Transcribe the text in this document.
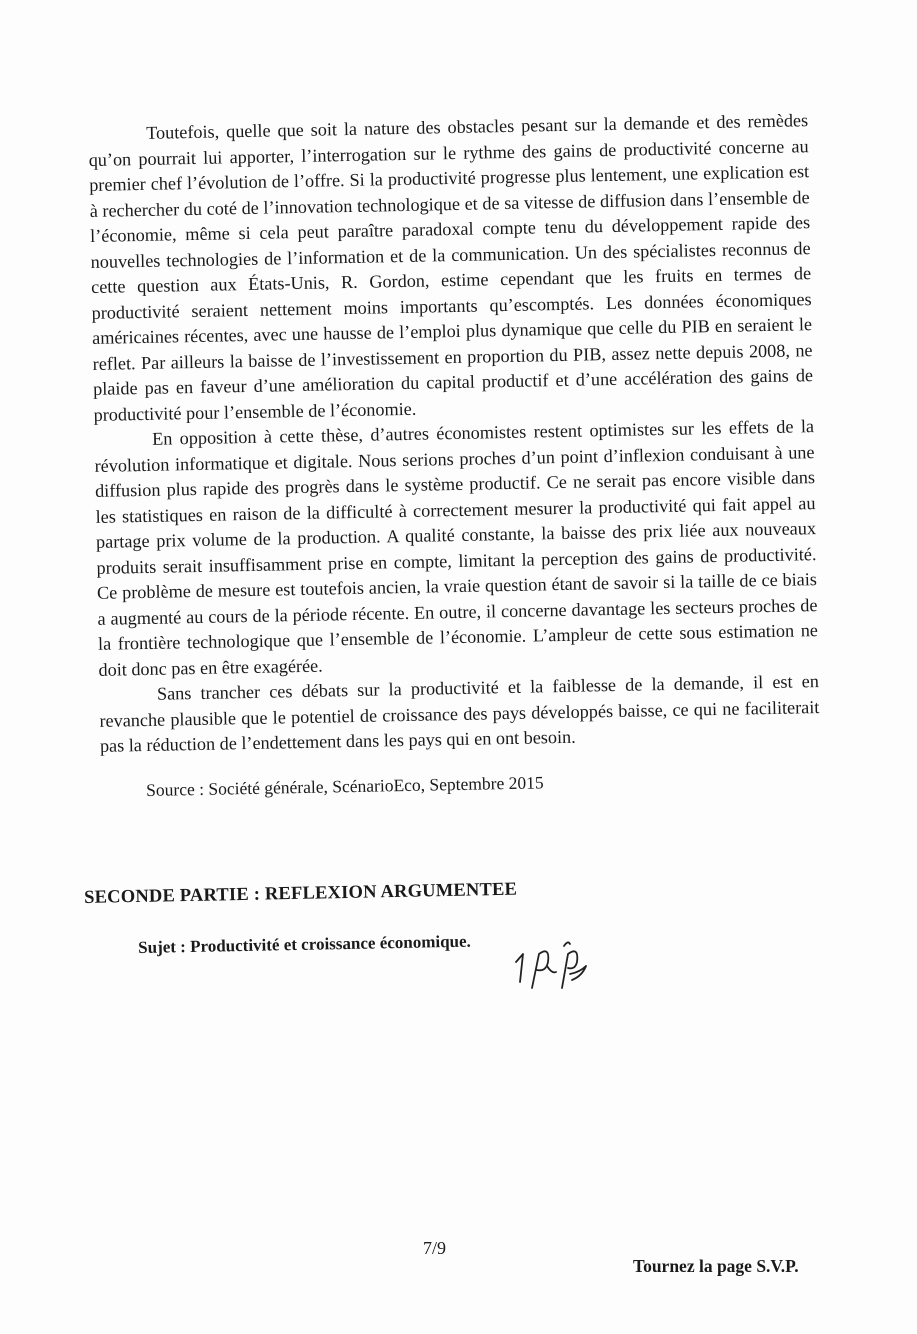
Toutefois, quelle que soit la nature des obstacles pesant sur la demande et des remèdes qu’on pourrait lui apporter, l’interrogation sur le rythme des gains de productivité concerne au premier chef l’évolution de l’offre. Si la productivité progresse plus lentement, une explication est à rechercher du coté de l’innovation technologique et de sa vitesse de diffusion dans l’ensemble de l’économie, même si cela peut paraître paradoxal compte tenu du développement rapide des nouvelles technologies de l’information et de la communication. Un des spécialistes reconnus de cette question aux États-Unis, R. Gordon, estime cependant que les fruits en termes de productivité seraient nettement moins importants qu’escomptés. Les données économiques américaines récentes, avec une hausse de l’emploi plus dynamique que celle du PIB en seraient le reflet. Par ailleurs la baisse de l’investissement en proportion du PIB, assez nette depuis 2008, ne plaide pas en faveur d’une amélioration du capital productif et d’une accélération des gains de productivité pour l’ensemble de l’économie.

En opposition à cette thèse, d’autres économistes restent optimistes sur les effets de la révolution informatique et digitale. Nous serions proches d’un point d’inflexion conduisant à une diffusion plus rapide des progrès dans le système productif. Ce ne serait pas encore visible dans les statistiques en raison de la difficulté à correctement mesurer la productivité qui fait appel au partage prix volume de la production. A qualité constante, la baisse des prix liée aux nouveaux produits serait insuffisamment prise en compte, limitant la perception des gains de productivité. Ce problème de mesure est toutefois ancien, la vraie question étant de savoir si la taille de ce biais a augmenté au cours de la période récente. En outre, il concerne davantage les secteurs proches de la frontière technologique que l’ensemble de l’économie. L’ampleur de cette sous estimation ne doit donc pas en être exagérée.

Sans trancher ces débats sur la productivité et la faiblesse de la demande, il est en revanche plausible que le potentiel de croissance des pays développés baisse, ce qui ne faciliterait pas la réduction de l’endettement dans les pays qui en ont besoin.

Source : Société générale, ScénarioEco, Septembre 2015
SECONDE PARTIE : REFLEXION ARGUMENTEE
Sujet : Productivité et croissance économique.
7/9
Tournez la page S.V.P.
